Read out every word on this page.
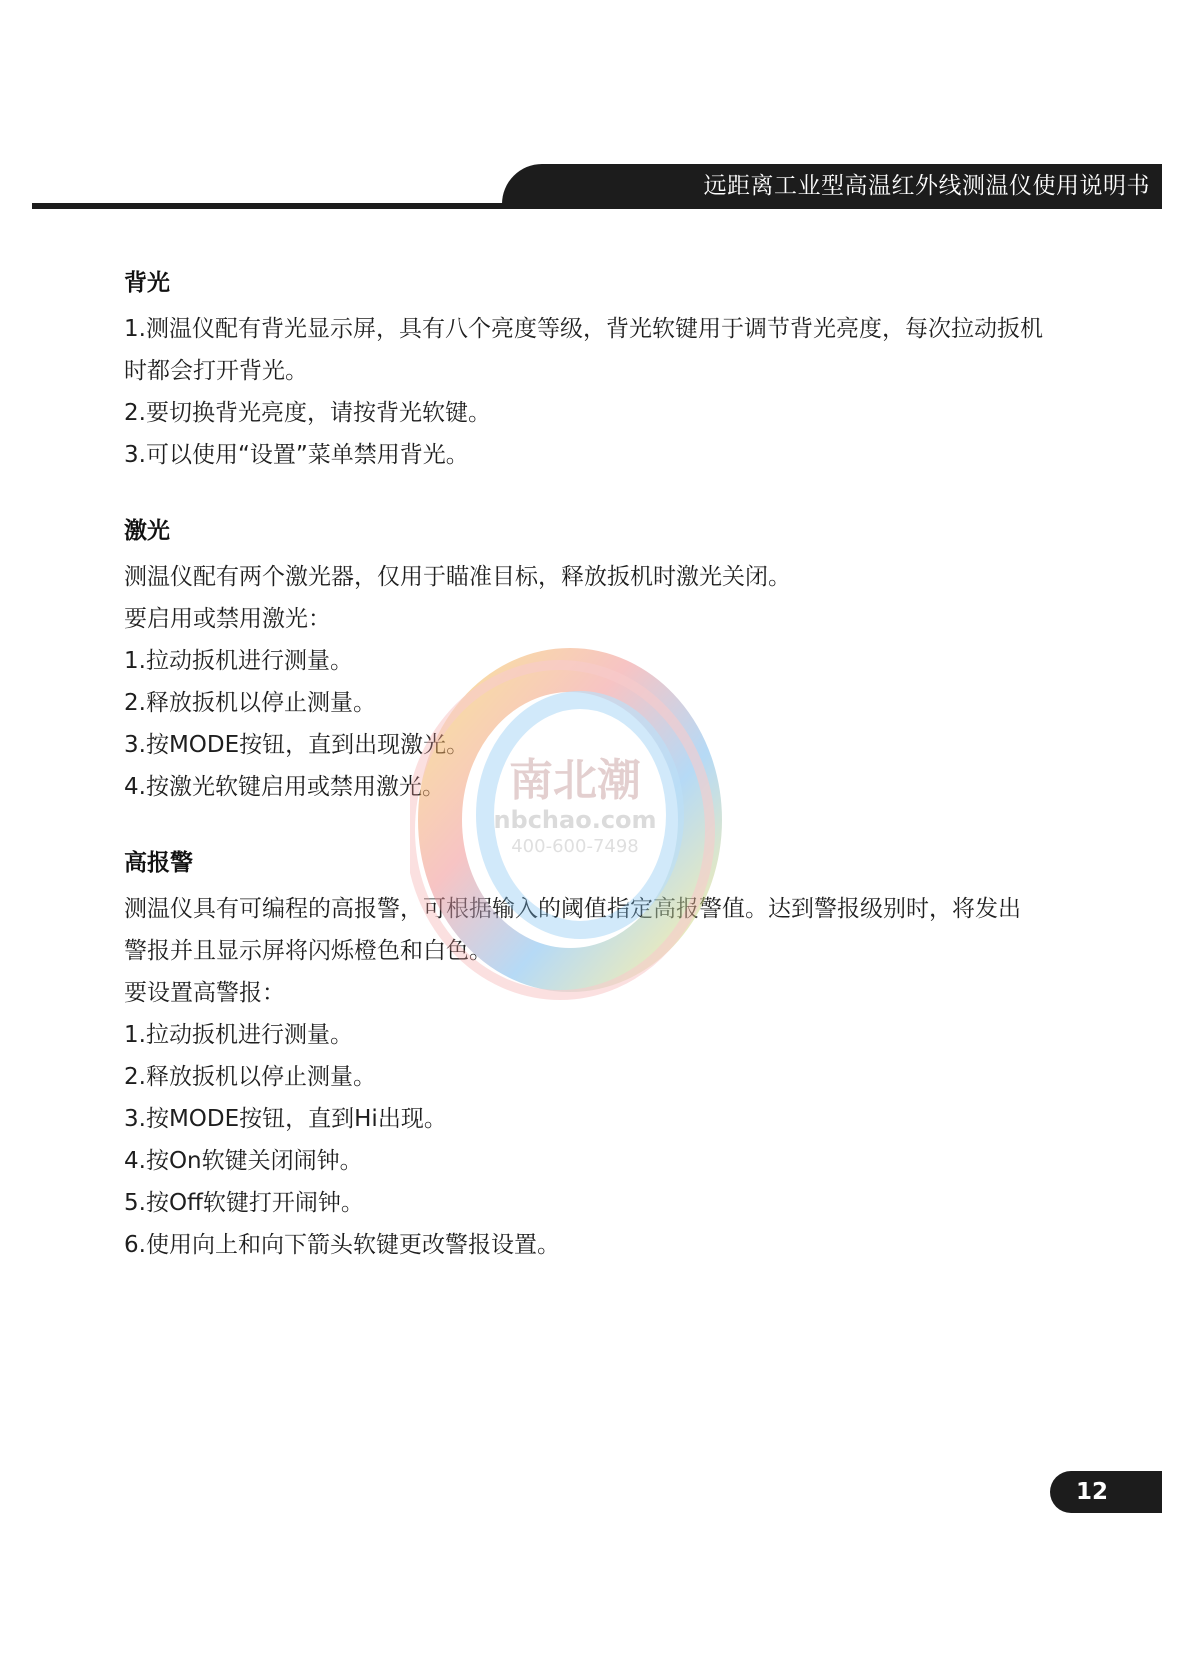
远距离工业型高温红外线测温仪使用说明书
背光

1.测温仪配有背光显示屏，具有八个亮度等级，背光软键用于调节背光亮度，每次拉动扳机

时都会打开背光。

2.要切换背光亮度，请按背光软键。

3.可以使用“设置”菜单禁用背光。

激光

测温仪配有两个激光器，仅用于瞄准目标，释放扳机时激光关闭。

要启用或禁用激光：

1.拉动扳机进行测量。

2.释放扳机以停止测量。

3.按MODE按钮，直到出现激光。

4.按激光软键启用或禁用激光。

高报警

测温仪具有可编程的高报警，可根据输入的阈值指定高报警值。达到警报级别时，将发出

警报并且显示屏将闪烁橙色和白色。

要设置高警报：

1.拉动扳机进行测量。

2.释放扳机以停止测量。

3.按MODE按钮，直到Hi出现。

4.按On软键关闭闹钟。

5.按Off软键打开闹钟。

6.使用向上和向下箭头软键更改警报设置。

南北潮
nbchao.com
400-600-7498
12
